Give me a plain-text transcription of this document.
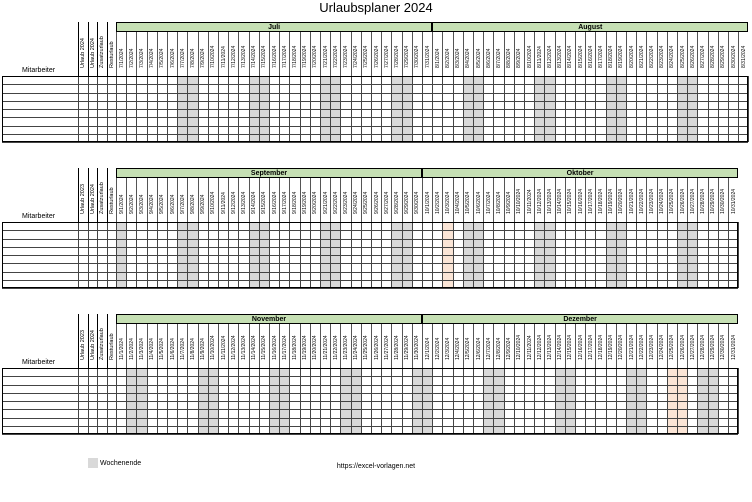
Urlaubsplaner 2024
Juli	August
7/1/2024 7/2/2024 7/3/2024 7/4/2024 7/5/2024 7/6/2024 7/7/2024 7/8/2024 7/9/2024 7/10/2024 7/11/2024 7/12/2024 7/13/2024 7/14/2024 7/15/2024 7/16/2024 7/17/2024 7/18/2024 7/19/2024 7/20/2024 7/21/2024 7/22/2024 7/23/2024 7/24/2024 7/25/2024 7/26/2024 7/27/2024 7/28/2024 7/29/2024 7/30/2024 7/31/2024 8/1/2024 8/2/2024 8/3/2024 8/4/2024 8/5/2024 8/6/2024 8/7/2024 8/8/2024 8/9/2024 8/10/2024 8/11/2024 8/12/2024 8/13/2024 8/14/2024 8/15/2024 8/16/2024 8/17/2024 8/18/2024 8/19/2024 8/20/2024 8/21/2024 8/22/2024 8/23/2024 8/24/2024 8/25/2024 8/26/2024 8/27/2024 8/28/2024 8/29/2024 8/30/2024 8/31/2024
Urlaub 2024 Urlaub 2024 Zusatzurlaub Resturlaub
Mitarbeiter
September	Oktober
9/1/2024 9/2/2024 9/3/2024 9/4/2024 9/5/2024 9/6/2024 9/7/2024 9/8/2024 9/9/2024 9/10/2024 9/11/2024 9/12/2024 9/13/2024 9/14/2024 9/15/2024 9/16/2024 9/17/2024 9/18/2024 9/19/2024 9/20/2024 9/21/2024 9/22/2024 9/23/2024 9/24/2024 9/25/2024 9/26/2024 9/27/2024 9/28/2024 9/29/2024 9/30/2024 10/1/2024 10/2/2024 10/3/2024 10/4/2024 10/5/2024 10/6/2024 10/7/2024 10/8/2024 10/9/2024 10/10/2024 10/11/2024 10/12/2024 10/13/2024 10/14/2024 10/15/2024 10/16/2024 10/17/2024 10/18/2024 10/19/2024 10/20/2024 10/21/2024 10/22/2024 10/23/2024 10/24/2024 10/25/2024 10/26/2024 10/27/2024 10/28/2024 10/29/2024 10/30/2024 10/31/2024
Urlaub 2023 Urlaub 2024 Zusatzurlaub Resturlaub
Mitarbeiter
November	Dezember
11/1/2024 11/2/2024 11/3/2024 11/4/2024 11/5/2024 11/6/2024 11/7/2024 11/8/2024 11/9/2024 11/10/2024 11/11/2024 11/12/2024 11/13/2024 11/14/2024 11/15/2024 11/16/2024 11/17/2024 11/18/2024 11/19/2024 11/20/2024 11/21/2024 11/22/2024 11/23/2024 11/24/2024 11/25/2024 11/26/2024 11/27/2024 11/28/2024 11/29/2024 11/30/2024 12/1/2024 12/2/2024 12/3/2024 12/4/2024 12/5/2024 12/6/2024 12/7/2024 12/8/2024 12/9/2024 12/10/2024 12/11/2024 12/12/2024 12/13/2024 12/14/2024 12/15/2024 12/16/2024 12/17/2024 12/18/2024 12/19/2024 12/20/2024 12/21/2024 12/22/2024 12/23/2024 12/24/2024 12/25/2024 12/26/2024 12/27/2024 12/28/2024 12/29/2024 12/30/2024 12/31/2024
Urlaub 2023 Urlaub 2024 Zusatzurlaub Resturlaub
Mitarbeiter
Wochenende	https://excel-vorlagen.net
